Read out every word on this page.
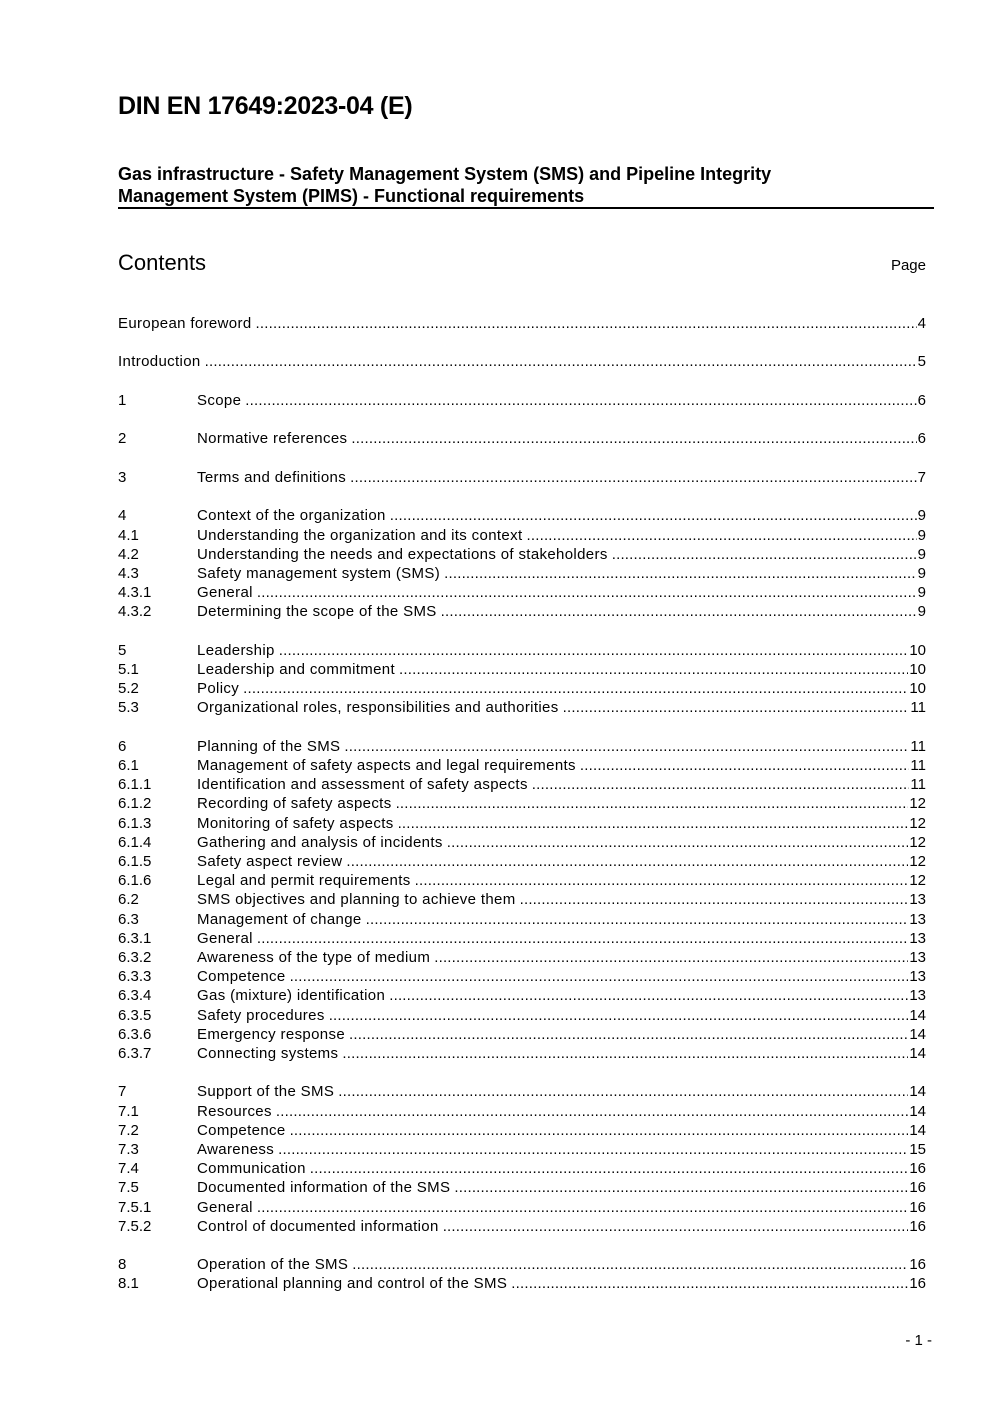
DIN EN 17649:2023-04 (E)
Gas infrastructure - Safety Management System (SMS) and Pipeline Integrity
Management System (PIMS) - Functional requirements
Contents	Page
European foreword .....	4
Introduction .....	5
1	Scope .....	6
2	Normative references .....	6
3	Terms and definitions .....	7
4	Context of the organization .....	9
4.1	Understanding the organization and its context .....	9
4.2	Understanding the needs and expectations of stakeholders .....	9
4.3	Safety management system (SMS) .....	9
4.3.1	General .....	9
4.3.2	Determining the scope of the SMS .....	9
5	Leadership .....	10
5.1	Leadership and commitment .....	10
5.2	Policy .....	10
5.3	Organizational roles, responsibilities and authorities .....	11
6	Planning of the SMS .....	11
6.1	Management of safety aspects and legal requirements .....	11
6.1.1	Identification and assessment of safety aspects .....	11
6.1.2	Recording of safety aspects .....	12
6.1.3	Monitoring of safety aspects .....	12
6.1.4	Gathering and analysis of incidents .....	12
6.1.5	Safety aspect review .....	12
6.1.6	Legal and permit requirements .....	12
6.2	SMS objectives and planning to achieve them .....	13
6.3	Management of change .....	13
6.3.1	General .....	13
6.3.2	Awareness of the type of medium .....	13
6.3.3	Competence .....	13
6.3.4	Gas (mixture) identification .....	13
6.3.5	Safety procedures .....	14
6.3.6	Emergency response .....	14
6.3.7	Connecting systems .....	14
7	Support of the SMS .....	14
7.1	Resources .....	14
7.2	Competence .....	14
7.3	Awareness .....	15
7.4	Communication .....	16
7.5	Documented information of the SMS .....	16
7.5.1	General .....	16
7.5.2	Control of documented information .....	16
8	Operation of the SMS .....	16
8.1	Operational planning and control of the SMS .....	16
- 1 -
